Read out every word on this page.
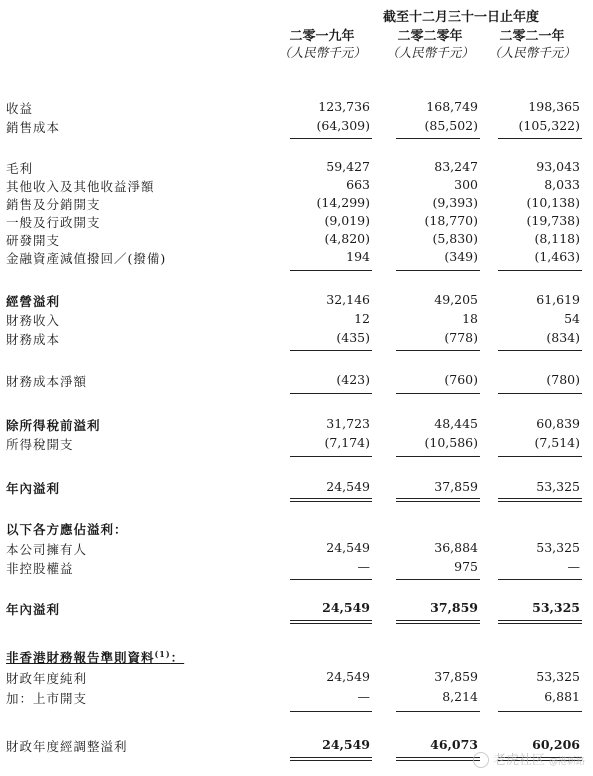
截至十二月三十一日止年度
二零一九年	二零二零年	二零二一年
（人民幣千元）	（人民幣千元）	（人民幣千元）
收益	123,736	168,749	198,365
銷售成本	(64,309)	(85,502)	(105,322)
毛利	59,427	83,247	93,043
其他收入及其他收益淨額	663	300	8,033
銷售及分銷開支	(14,299)	(9,393)	(10,138)
一般及行政開支	(9,019)	(18,770)	(19,738)
研發開支	(4,820)	(5,830)	(8,118)
金融資產減值撥回／(撥備)	194	(349)	(1,463)
經營溢利	32,146	49,205	61,619
財務收入	12	18	54
財務成本	(435)	(778)	(834)
財務成本淨額	(423)	(760)	(780)
除所得稅前溢利	31,723	48,445	60,839
所得稅開支	(7,174)	(10,586)	(7,514)
年內溢利	24,549	37,859	53,325
以下各方應佔溢利：
本公司擁有人	24,549	36,884	53,325
非控股權益	—	975	—
年內溢利	24,549	37,859	53,325
非香港財務報告準則資料$^{(1)}$：
財政年度純利	24,549	37,859	53,325
加：上市開支	—	8,214	6,881
財政年度經調整溢利	24,549	46,073	60,206
老虎社区 @港新路
